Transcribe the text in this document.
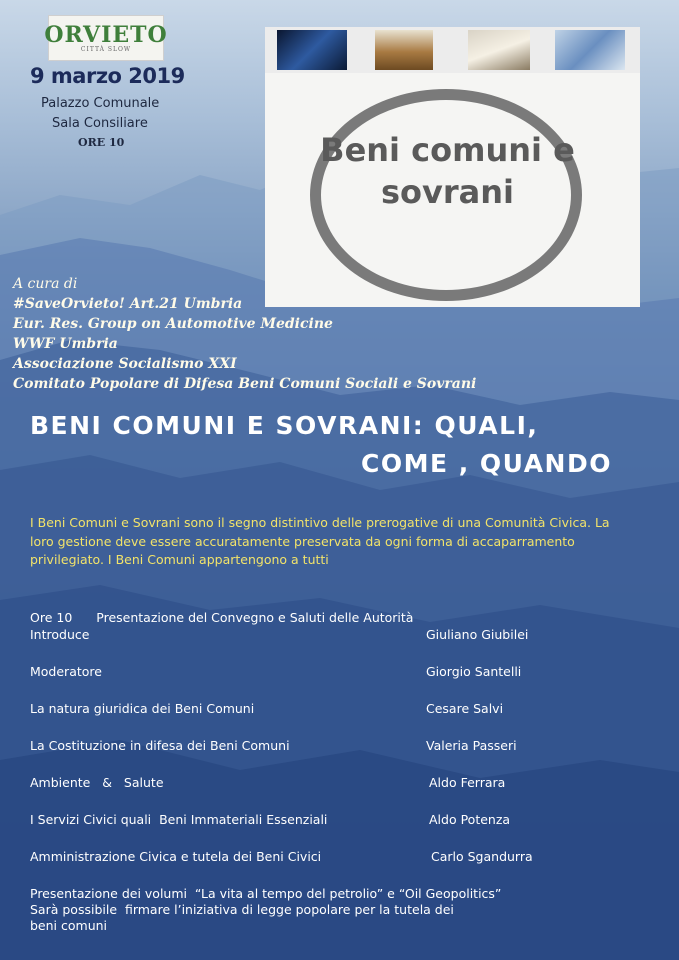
ORVIETO
CITTÀ SLOW
9 marzo 2019
Palazzo Comunale
Sala Consiliare
ORE 10	Beni comuni e sovrani
A cura di
#SaveOrvieto! Art.21 Umbria
Eur. Res. Group on Automotive Medicine
WWF Umbria
Associazione Socialismo XXI
Comitato Popolare di Difesa Beni Comuni Sociali e Sovrani
BENI COMUNI E SOVRANI: QUALI,
COME , QUANDO
I Beni Comuni e Sovrani sono il segno distintivo delle prerogative di una Comunità Civica. La loro gestione deve essere accuratamente preservata da ogni forma di accaparramento privilegiato. I Beni Comuni appartengono a tutti
Ore 10 Presentazione del Convegno e Saluti delle Autorità
Introduce	Giuliano Giubilei
Moderatore	Giorgio Santelli
La natura giuridica dei Beni Comuni	Cesare Salvi
La Costituzione in difesa dei Beni Comuni	Valeria Passeri
Ambiente   &   Salute	Aldo Ferrara
I Servizi Civici quali  Beni Immateriali Essenziali	Aldo Potenza
Amministrazione Civica e tutela dei Beni Civici	Carlo Sgandurra
Presentazione dei volumi  “La vita al tempo del petrolio” e “Oil Geopolitics”
Sarà possibile  firmare l’iniziativa di legge popolare per la tutela dei
beni comuni
